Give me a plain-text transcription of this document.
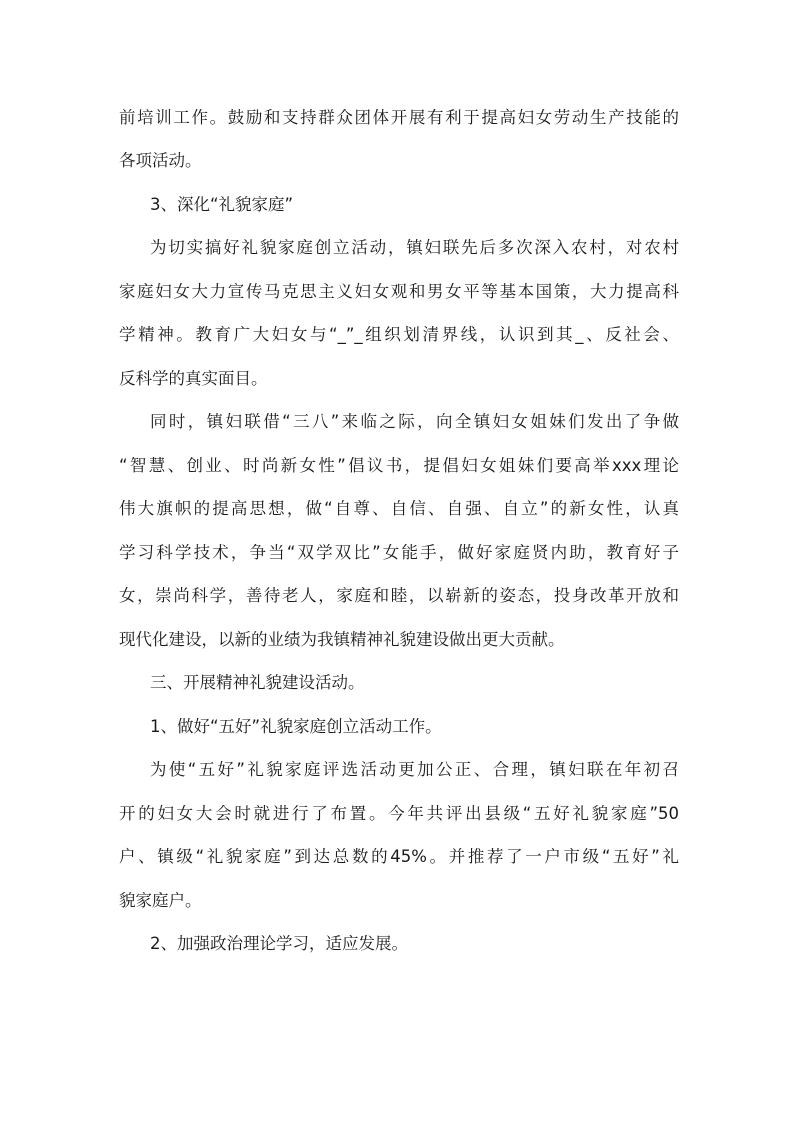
前培训工作。鼓励和支持群众团体开展有利于提高妇女劳动生产技能的
各项活动。
3、深化“礼貌家庭”
为切实搞好礼貌家庭创立活动，镇妇联先后多次深入农村，对农村
家庭妇女大力宣传马克思主义妇女观和男女平等基本国策，大力提高科
学精神。教育广大妇女与“_”_组织划清界线，认识到其_、反社会、
反科学的真实面目。
同时，镇妇联借“三八”来临之际，向全镇妇女姐妹们发出了争做
“智慧、创业、时尚新女性”倡议书，提倡妇女姐妹们要高举xxx理论
伟大旗帜的提高思想，做“自尊、自信、自强、自立”的新女性，认真
学习科学技术，争当“双学双比”女能手，做好家庭贤内助，教育好子
女，崇尚科学，善待老人，家庭和睦，以崭新的姿态，投身改革开放和
现代化建设，以新的业绩为我镇精神礼貌建设做出更大贡献。
三、开展精神礼貌建设活动。
1、做好“五好”礼貌家庭创立活动工作。
为使“五好”礼貌家庭评选活动更加公正、合理，镇妇联在年初召
开的妇女大会时就进行了布置。今年共评出县级“五好礼貌家庭”50
户、镇级“礼貌家庭”到达总数的45%。并推荐了一户市级“五好”礼
貌家庭户。
2、加强政治理论学习，适应发展。
